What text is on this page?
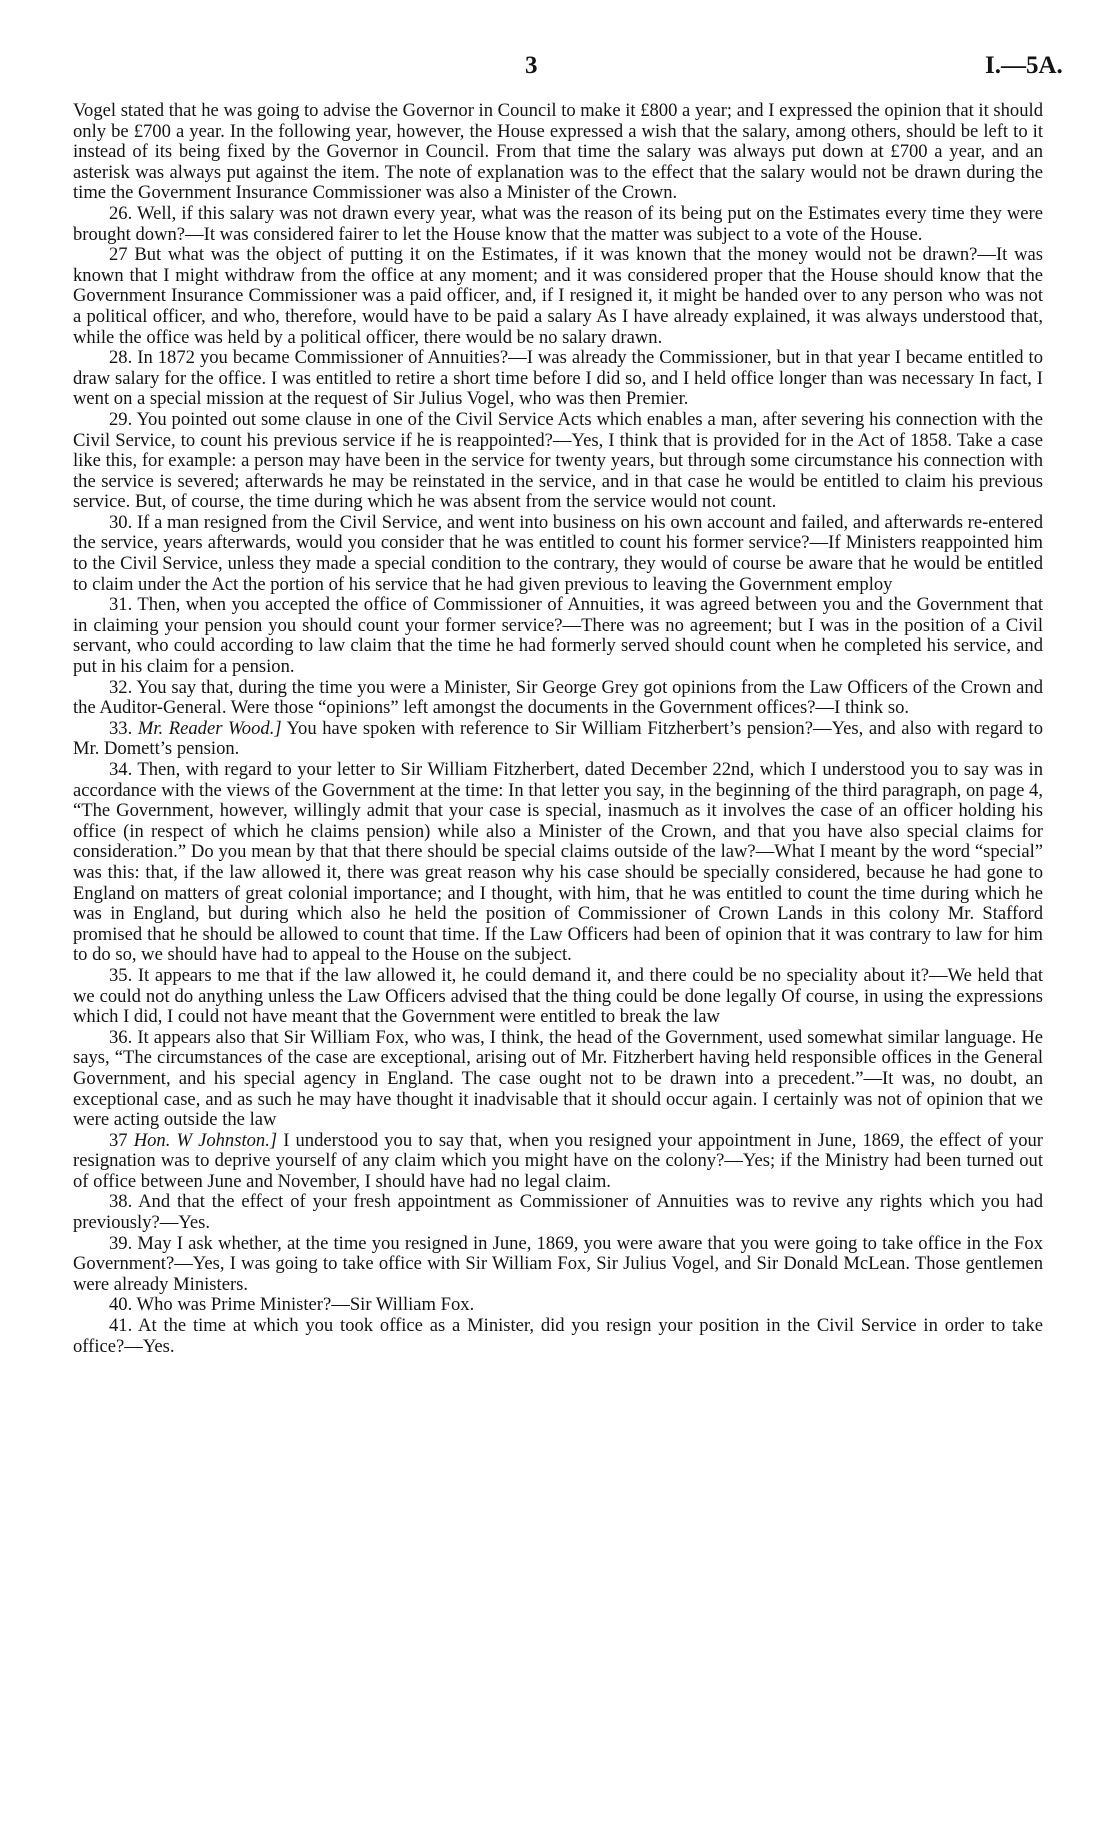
3	I.—5A.

Vogel stated that he was going to advise the Governor in Council to make it £800 a year; and I expressed the opinion that it should only be £700 a year. In the following year, however, the House expressed a wish that the salary, among others, should be left to it instead of its being fixed by the Governor in Council. From that time the salary was always put down at £700 a year, and an asterisk was always put against the item. The note of explanation was to the effect that the salary would not be drawn during the time the Government Insurance Commissioner was also a Minister of the Crown.

26. Well, if this salary was not drawn every year, what was the reason of its being put on the Estimates every time they were brought down?—It was considered fairer to let the House know that the matter was subject to a vote of the House.

27 But what was the object of putting it on the Estimates, if it was known that the money would not be drawn?—It was known that I might withdraw from the office at any moment; and it was considered proper that the House should know that the Government Insurance Commissioner was a paid officer, and, if I resigned it, it might be handed over to any person who was not a political officer, and who, therefore, would have to be paid a salary As I have already explained, it was always understood that, while the office was held by a political officer, there would be no salary drawn.

28. In 1872 you became Commissioner of Annuities?—I was already the Commissioner, but in that year I became entitled to draw salary for the office. I was entitled to retire a short time before I did so, and I held office longer than was necessary In fact, I went on a special mission at the request of Sir Julius Vogel, who was then Premier.

29. You pointed out some clause in one of the Civil Service Acts which enables a man, after severing his connection with the Civil Service, to count his previous service if he is reappointed?—Yes, I think that is provided for in the Act of 1858. Take a case like this, for example: a person may have been in the service for twenty years, but through some circumstance his connection with the service is severed; afterwards he may be reinstated in the service, and in that case he would be entitled to claim his previous service. But, of course, the time during which he was absent from the service would not count.

30. If a man resigned from the Civil Service, and went into business on his own account and failed, and afterwards re-entered the service, years afterwards, would you consider that he was entitled to count his former service?—If Ministers reappointed him to the Civil Service, unless they made a special condition to the contrary, they would of course be aware that he would be entitled to claim under the Act the portion of his service that he had given previous to leaving the Government employ

31. Then, when you accepted the office of Commissioner of Annuities, it was agreed between you and the Government that in claiming your pension you should count your former service?—There was no agreement; but I was in the position of a Civil servant, who could according to law claim that the time he had formerly served should count when he completed his service, and put in his claim for a pension.

32. You say that, during the time you were a Minister, Sir George Grey got opinions from the Law Officers of the Crown and the Auditor-General. Were those “opinions” left amongst the documents in the Government offices?—I think so.

33. Mr. Reader Wood.] You have spoken with reference to Sir William Fitzherbert’s pension?—Yes, and also with regard to Mr. Domett’s pension.

34. Then, with regard to your letter to Sir William Fitzherbert, dated December 22nd, which I understood you to say was in accordance with the views of the Government at the time: In that letter you say, in the beginning of the third paragraph, on page 4, “The Government, however, willingly admit that your case is special, inasmuch as it involves the case of an officer holding his office (in respect of which he claims pension) while also a Minister of the Crown, and that you have also special claims for consideration.” Do you mean by that that there should be special claims outside of the law?—What I meant by the word “special” was this: that, if the law allowed it, there was great reason why his case should be specially considered, because he had gone to England on matters of great colonial importance; and I thought, with him, that he was entitled to count the time during which he was in England, but during which also he held the position of Commissioner of Crown Lands in this colony Mr. Stafford promised that he should be allowed to count that time. If the Law Officers had been of opinion that it was contrary to law for him to do so, we should have had to appeal to the House on the subject.

35. It appears to me that if the law allowed it, he could demand it, and there could be no speciality about it?—We held that we could not do anything unless the Law Officers advised that the thing could be done legally Of course, in using the expressions which I did, I could not have meant that the Government were entitled to break the law

36. It appears also that Sir William Fox, who was, I think, the head of the Government, used somewhat similar language. He says, “The circumstances of the case are exceptional, arising out of Mr. Fitzherbert having held responsible offices in the General Government, and his special agency in England. The case ought not to be drawn into a precedent.”—It was, no doubt, an exceptional case, and as such he may have thought it inadvisable that it should occur again. I certainly was not of opinion that we were acting outside the law

37 Hon. W Johnston.] I understood you to say that, when you resigned your appointment in June, 1869, the effect of your resignation was to deprive yourself of any claim which you might have on the colony?—Yes; if the Ministry had been turned out of office between June and November, I should have had no legal claim.

38. And that the effect of your fresh appointment as Commissioner of Annuities was to revive any rights which you had previously?—Yes.

39. May I ask whether, at the time you resigned in June, 1869, you were aware that you were going to take office in the Fox Government?—Yes, I was going to take office with Sir William Fox, Sir Julius Vogel, and Sir Donald McLean. Those gentlemen were already Ministers.

40. Who was Prime Minister?—Sir William Fox.

41. At the time at which you took office as a Minister, did you resign your position in the Civil Service in order to take office?—Yes.
